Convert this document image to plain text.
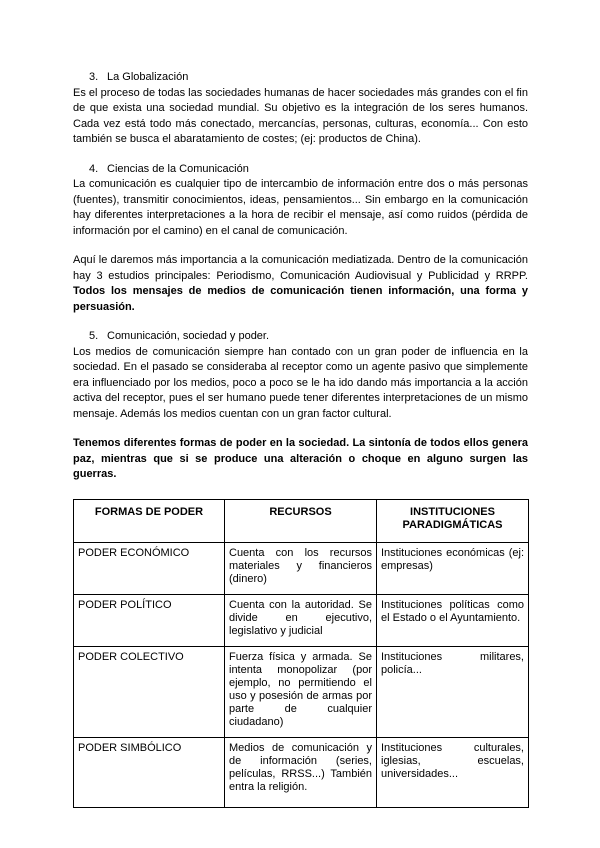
3. La Globalización

Es el proceso de todas las sociedades humanas de hacer sociedades más grandes con el fin de que exista una sociedad mundial. Su objetivo es la integración de los seres humanos. Cada vez está todo más conectado, mercancías, personas, culturas, economía... Con esto también se busca el abaratamiento de costes; (ej: productos de China).

4. Ciencias de la Comunicación

La comunicación es cualquier tipo de intercambio de información entre dos o más personas (fuentes), transmitir conocimientos, ideas, pensamientos... Sin embargo en la comunicación hay diferentes interpretaciones a la hora de recibir el mensaje, así como ruidos (pérdida de información por el camino) en el canal de comunicación.

Aquí le daremos más importancia a la comunicación mediatizada. Dentro de la comunicación hay 3 estudios principales: Periodismo, Comunicación Audiovisual y Publicidad y RRPP. Todos los mensajes de medios de comunicación tienen información, una forma y persuasión.

5. Comunicación, sociedad y poder.

Los medios de comunicación siempre han contado con un gran poder de influencia en la sociedad. En el pasado se consideraba al receptor como un agente pasivo que simplemente era influenciado por los medios, poco a poco se le ha ido dando más importancia a la acción activa del receptor, pues el ser humano puede tener diferentes interpretaciones de un mismo mensaje. Además los medios cuentan con un gran factor cultural.

Tenemos diferentes formas de poder en la sociedad. La sintonía de todos ellos genera paz, mientras que si se produce una alteración o choque en alguno surgen las guerras.

FORMAS DE PODER	RECURSOS	INSTITUCIONES PARADIGMÁTICAS
PODER ECONÓMICO	Cuenta con los recursos materiales y financieros (dinero)	Instituciones económicas (ej: empresas)
PODER POLÍTICO	Cuenta con la autoridad. Se divide en ejecutivo, legislativo y judicial	Instituciones políticas como el Estado o el Ayuntamiento.
PODER COLECTIVO	Fuerza física y armada. Se intenta monopolizar (por ejemplo, no permitiendo el uso y posesión de armas por parte de cualquier ciudadano)	Instituciones militares, policía...
PODER SIMBÓLICO	Medios de comunicación y de información (series, películas, RRSS...) También entra la religión.	Instituciones culturales, iglesias, escuelas, universidades...
